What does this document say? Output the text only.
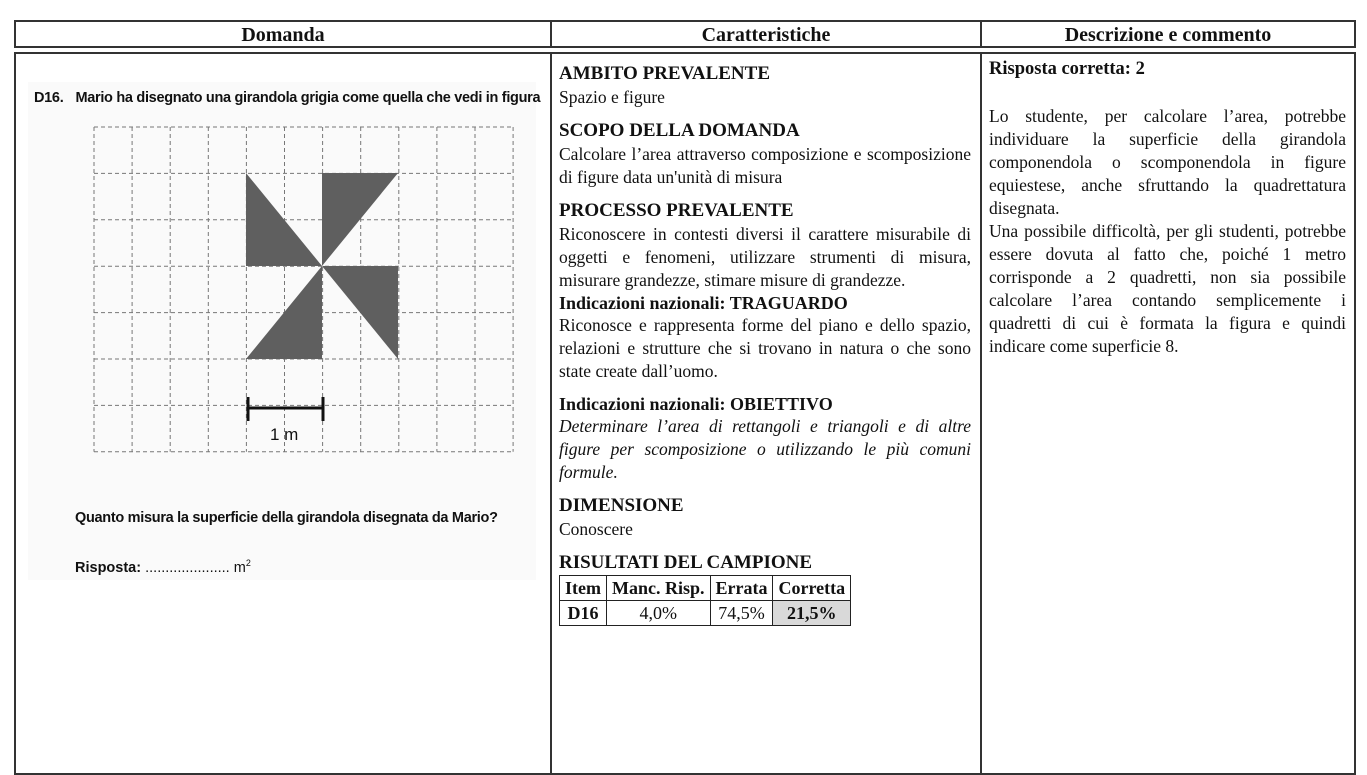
Domanda	Caratteristiche	Descrizione e commento
D16. Mario ha disegnato una girandola grigia come quella che vedi in figura
1 m
Quanto misura la superficie della girandola disegnata da Mario?
Risposta: ..................... $m^2$
AMBITO PREVALENTE

Spazio e figure

SCOPO DELLA DOMANDA

Calcolare l’area attraverso composizione e scomposizione di figure data un'unità di misura

PROCESSO PREVALENTE

Riconoscere in contesti diversi il carattere misurabile di oggetti e fenomeni, utilizzare strumenti di misura, misurare grandezze, stimare misure di grandezze.

Indicazioni nazionali: TRAGUARDO

Riconosce e rappresenta forme del piano e dello spazio, relazioni e strutture che si trovano in natura o che sono state create dall’uomo.

Indicazioni nazionali: OBIETTIVO

Determinare l’area di rettangoli e triangoli e di altre figure per scomposizione o utilizzando le più comuni formule.

DIMENSIONE

Conoscere

RISULTATI DEL CAMPIONE
Item	Manc. Risp.	Errata	Corretta
D16	4,0%	74,5%	21,5%
Risposta corretta: 2

Lo studente, per calcolare l’area, potrebbe individuare la superficie della girandola componendola o scomponendola in figure equiestese, anche sfruttando la quadrettatura disegnata.

Una possibile difficoltà, per gli studenti, potrebbe essere dovuta al fatto che, poiché 1 metro corrisponde a 2 quadretti, non sia possibile calcolare l’area contando semplicemente i quadretti di cui è formata la figura e quindi indicare come superficie 8.
